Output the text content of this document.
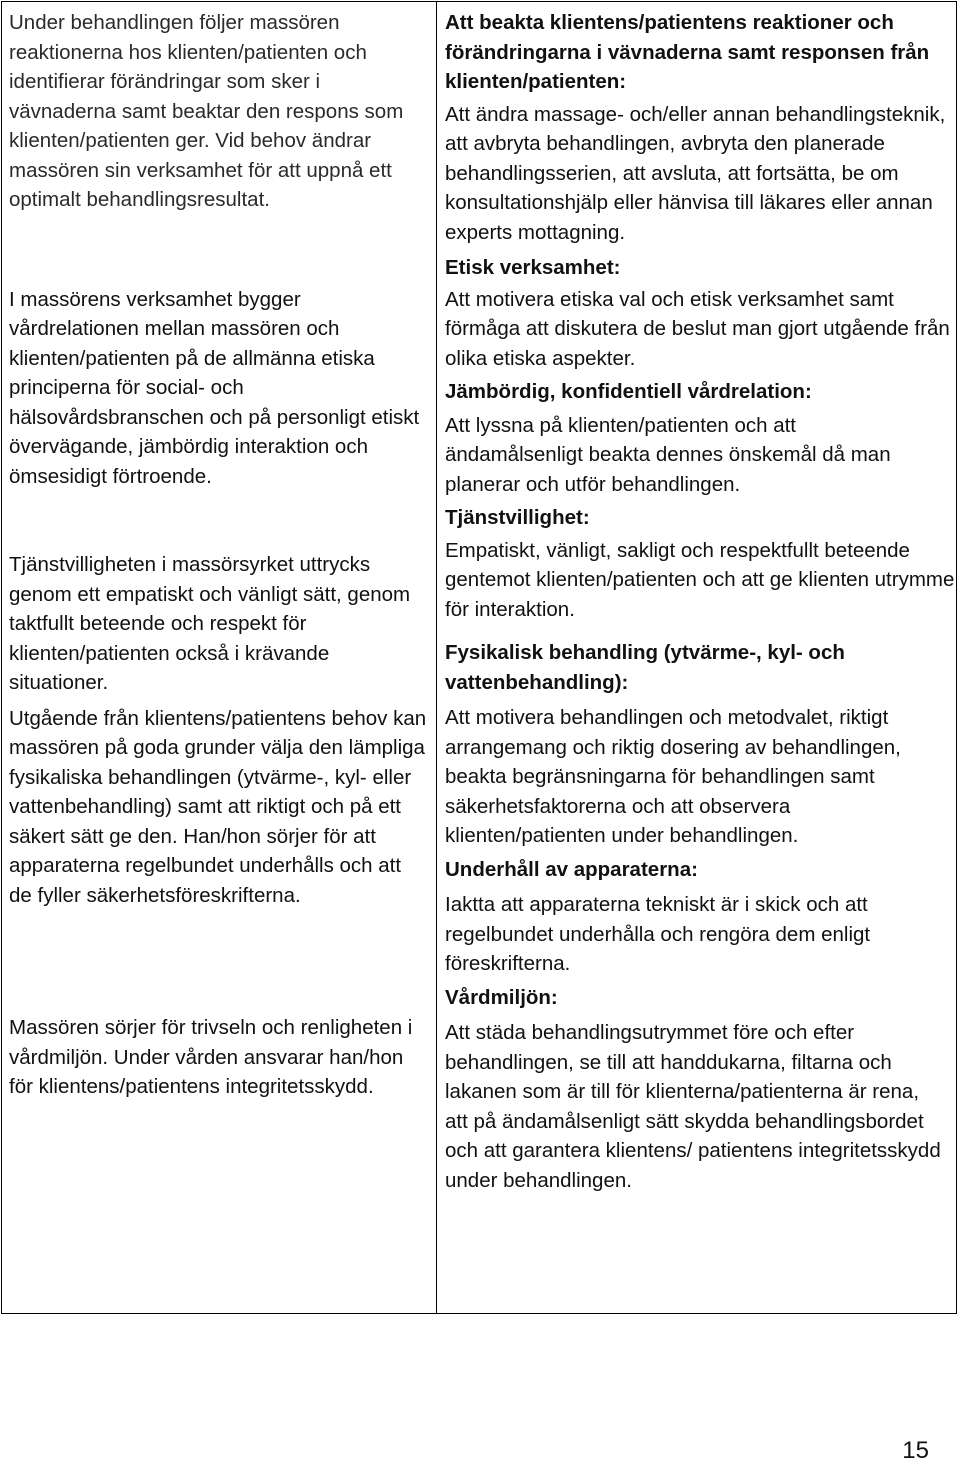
Under behandlingen följer massören reaktionerna hos klienten/patienten och identifierar förändringar som sker i vävnaderna samt beaktar den respons som klienten/patienten ger. Vid behov ändrar massören sin verksamhet för att uppnå ett optimalt behandlingsresultat.

I massörens verksamhet bygger vårdrelationen mellan massören och klienten/patienten på de allmänna etiska principerna för social- och hälsovårdsbranschen och på personligt etiskt övervägande, jämbördig interaktion och ömsesidigt förtroende.

Tjänstvilligheten i massörsyrket uttrycks genom ett empatiskt och vänligt sätt, genom taktfullt beteende och respekt för klienten/patienten också i krävande situationer.

Utgående från klientens/patientens behov kan massören på goda grunder välja den lämpliga fysikaliska behandlingen (ytvärme-, kyl- eller vattenbehandling) samt att riktigt och på ett säkert sätt ge den. Han/hon sörjer för att apparaterna regelbundet underhålls och att de fyller säkerhetsföreskrifterna.

Massören sörjer för trivseln och renligheten i vårdmiljön. Under vården ansvarar han/hon för klientens/patientens integritetsskydd.

Att beakta klientens/patientens reaktioner och förändringarna i vävnaderna samt responsen från klienten/patienten:

Att ändra massage- och/eller annan behandlingsteknik, att avbryta behandlingen, avbryta den planerade behandlingsserien, att avsluta, att fortsätta, be om konsultationshjälp eller hänvisa till läkares eller annan experts mottagning.

Etisk verksamhet:

Att motivera etiska val och etisk verksamhet samt förmåga att diskutera de beslut man gjort utgående från olika etiska aspekter.

Jämbördig, konfidentiell vårdrelation:

Att lyssna på klienten/patienten och att ändamålsenligt beakta dennes önskemål då man planerar och utför behandlingen.

Tjänstvillighet:

Empatiskt, vänligt, sakligt och respektfullt beteende gentemot klienten/patienten och att ge klienten utrymme för interaktion.

Fysikalisk behandling (ytvärme-, kyl- och vattenbehandling):

Att motivera behandlingen och metodvalet, riktigt arrangemang och riktig dosering av behandlingen, beakta begränsningarna för behandlingen samt säkerhetsfaktorerna och att observera klienten/patienten under behandlingen.

Underhåll av apparaterna:

Iakttа att apparaterna tekniskt är i skick och att regelbundet underhålla och rengöra dem enligt föreskrifterna.

Vårdmiljön:

Att städa behandlingsutrymmet före och efter behandlingen, se till att handdukarna, filtarna och lakanen som är till för klienterna/patienterna är rena, att på ändamålsenligt sätt skydda behandlingsbordet och att garantera klientens/ patientens integritetsskydd under behandlingen.

15
